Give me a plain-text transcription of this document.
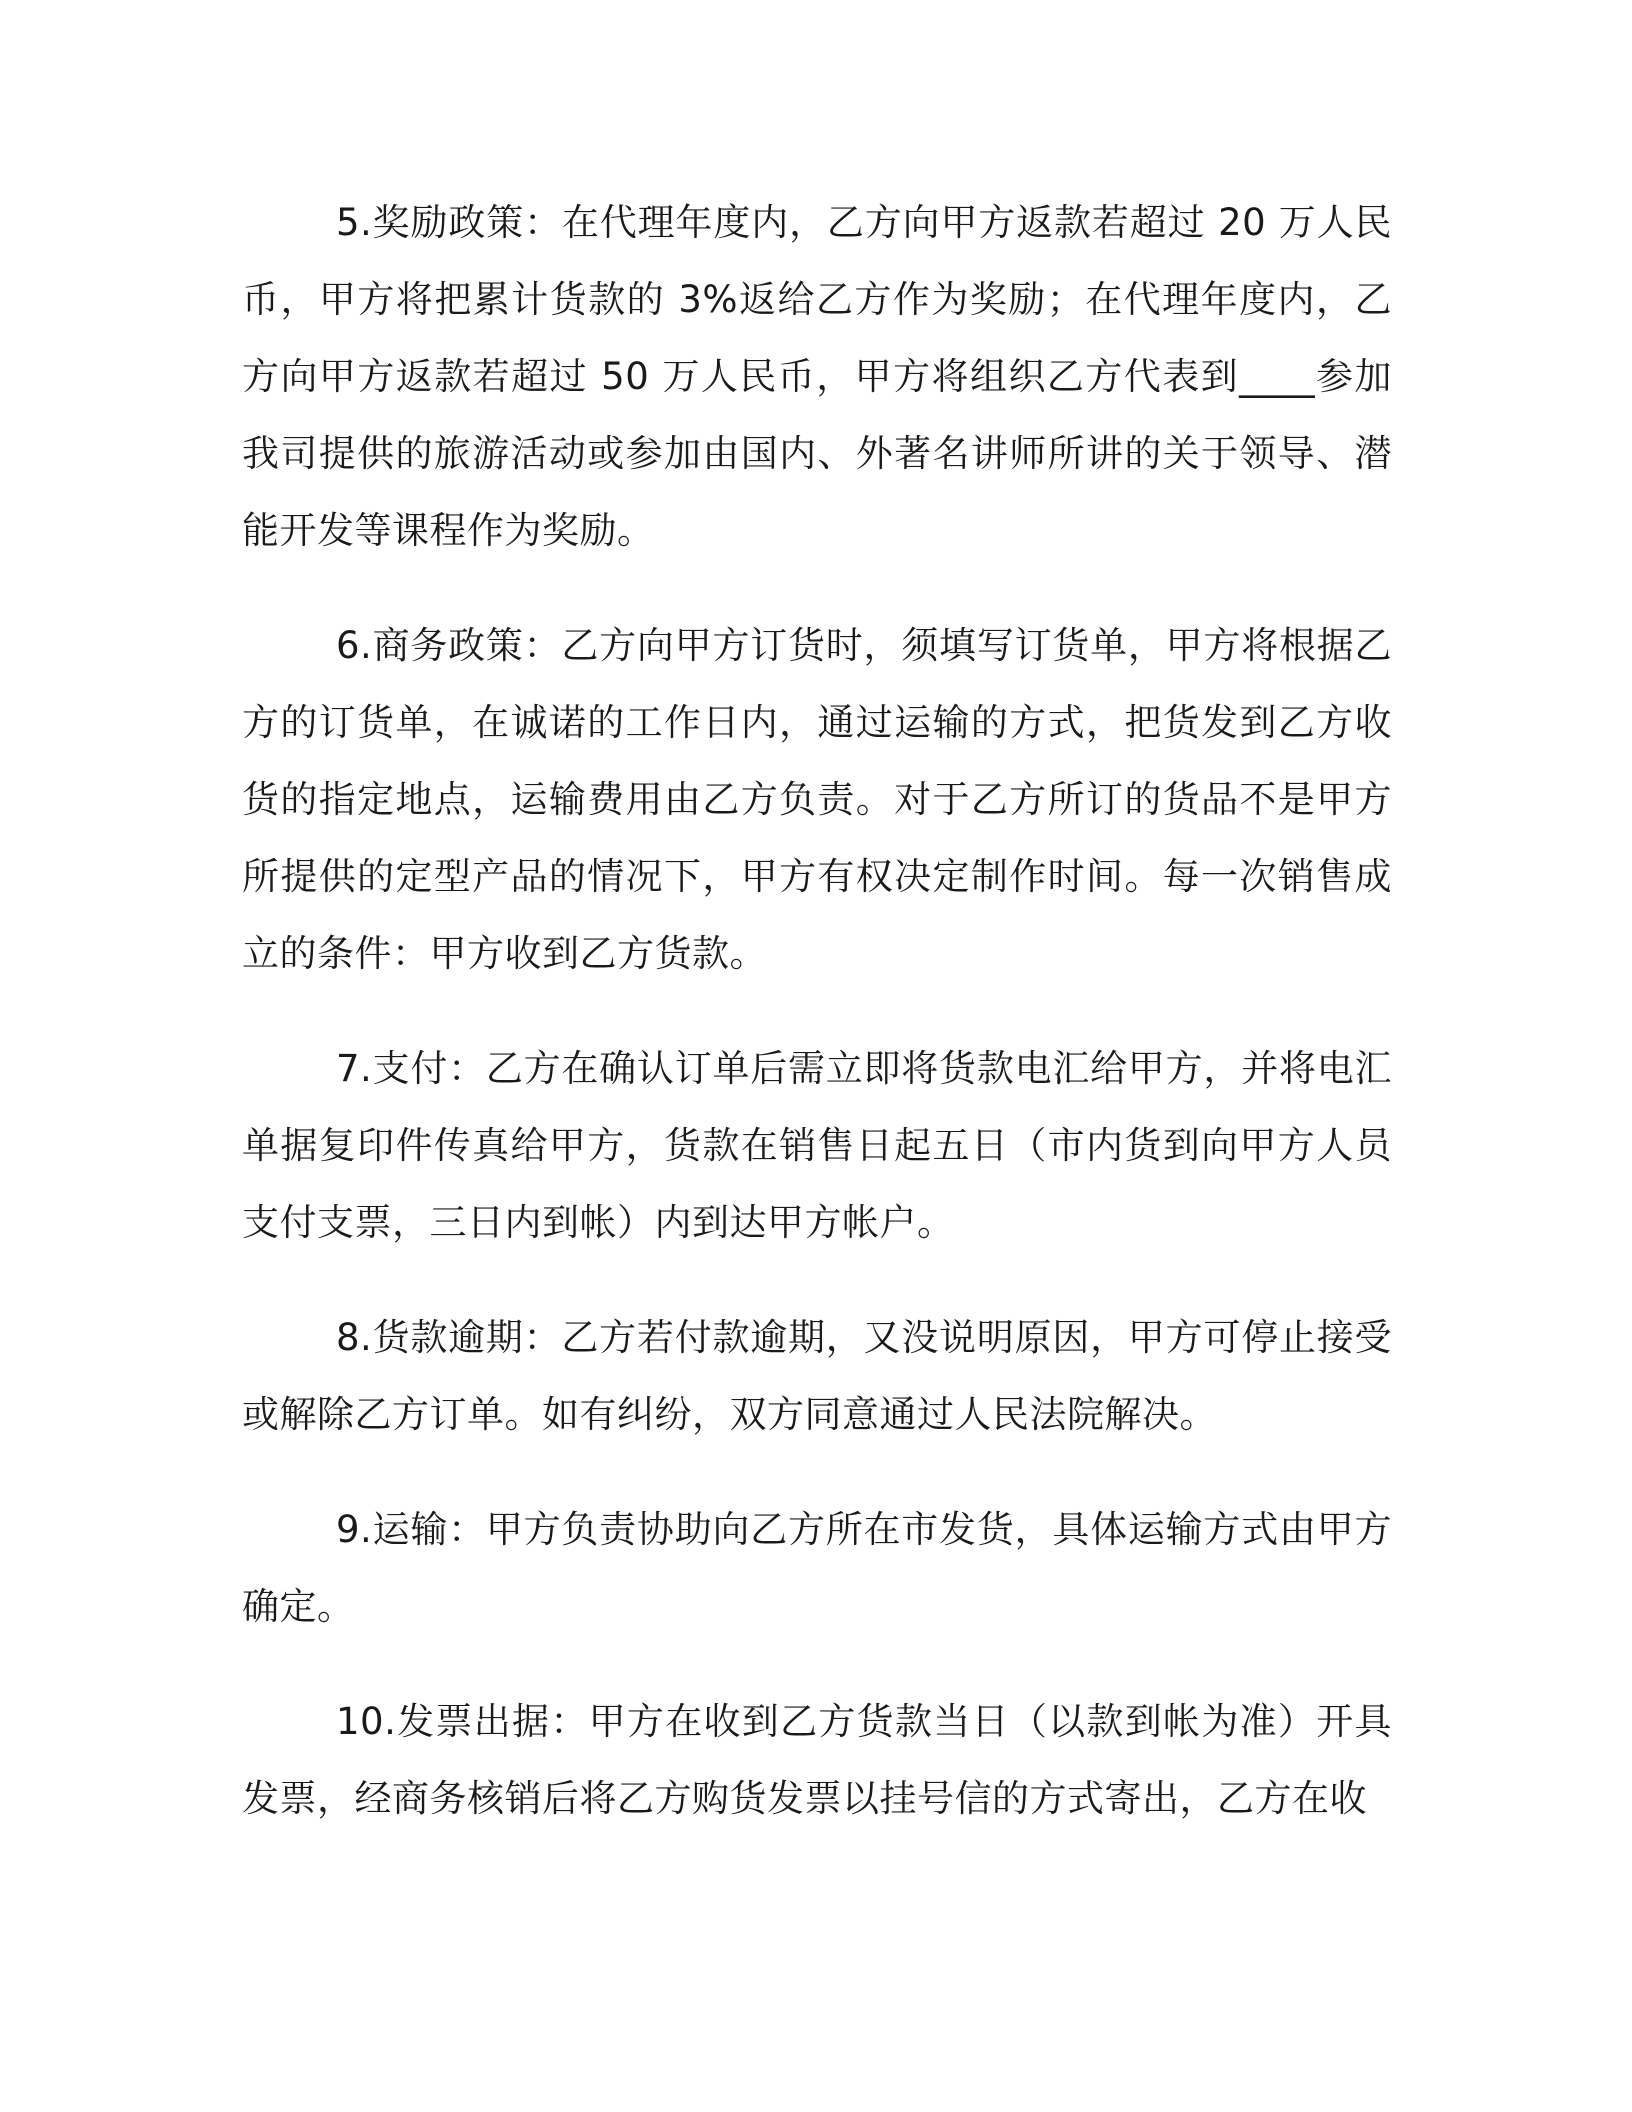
5.奖励政策：在代理年度内，乙方向甲方返款若超过 20 万人民币，甲方将把累计货款的 3%返给乙方作为奖励；在代理年度内，乙方向甲方返款若超过 50 万人民币，甲方将组织乙方代表到____参加我司提供的旅游活动或参加由国内、外著名讲师所讲的关于领导、潜能开发等课程作为奖励。

6.商务政策：乙方向甲方订货时，须填写订货单，甲方将根据乙方的订货单，在诚诺的工作日内，通过运输的方式，把货发到乙方收货的指定地点，运输费用由乙方负责。对于乙方所订的货品不是甲方所提供的定型产品的情况下，甲方有权决定制作时间。每一次销售成立的条件：甲方收到乙方货款。

7.支付：乙方在确认订单后需立即将货款电汇给甲方，并将电汇单据复印件传真给甲方，货款在销售日起五日（市内货到向甲方人员支付支票，三日内到帐）内到达甲方帐户。

8.货款逾期：乙方若付款逾期，又没说明原因，甲方可停止接受或解除乙方订单。如有纠纷，双方同意通过人民法院解决。

9.运输：甲方负责协助向乙方所在市发货，具体运输方式由甲方确定。

10.发票出据：甲方在收到乙方货款当日（以款到帐为准）开具发票，经商务核销后将乙方购货发票以挂号信的方式寄出，乙方在收
